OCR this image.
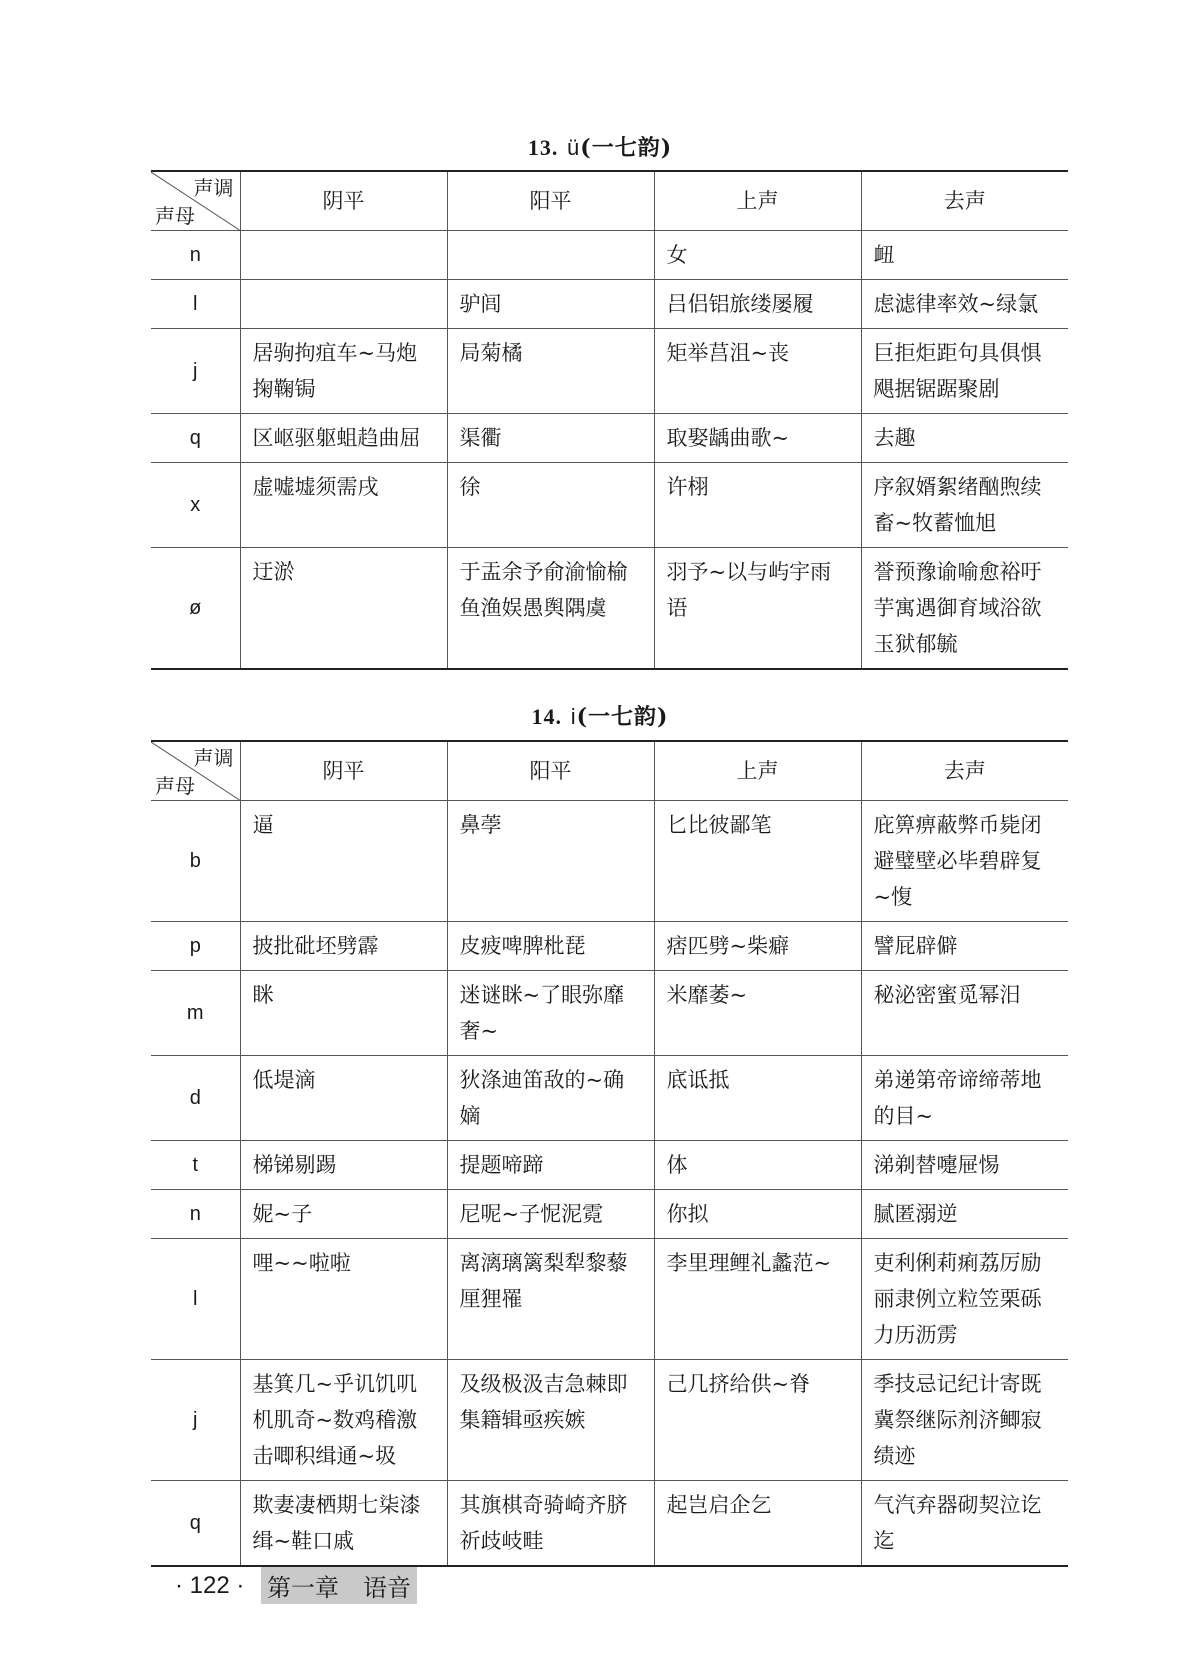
13. ü(一七韵)
声调
声母	阴平	阳平	上声	去声
n			女	衄
l		驴闾	吕侣铝旅缕屡履	虑滤律率效~绿氯
j	居驹拘疽车~马炮掬鞠锔	局菊橘	矩举莒沮~丧	巨拒炬距句具俱惧飓据锯踞聚剧
q	区岖驱躯蛆趋曲屈	渠衢	取娶龋曲歌~	去趣
x	虚嘘墟须需戌	徐	许栩	序叙婿絮绪酗煦续畜~牧蓄恤旭
ø	迂淤	于盂余予俞渝愉榆鱼渔娱愚舆隅虞	羽予~以与屿宇雨语	誉预豫谕喻愈裕吁芋寓遇御育域浴欲玉狱郁毓
14. i(一七韵)
声调
声母	阴平	阳平	上声	去声
b	逼	鼻荸	匕比彼鄙笔	庇箅痹蔽弊币毙闭避璧壁必毕碧辟复~愎
p	披批砒坯劈霹	皮疲啤脾枇琵	痞匹劈~柴癖	譬屁辟僻
m	眯	迷谜眯~了眼弥靡奢~	米靡萎~	秘泌密蜜觅幂汨
d	低堤滴	狄涤迪笛敌的~确嫡	底诋抵	弟递第帝谛缔蒂地的目~
t	梯锑剔踢	提题啼蹄	体	涕剃替嚏屉惕
n	妮~子	尼呢~子怩泥霓	你拟	腻匿溺逆
l	哩~~啦啦	离漓璃篱梨犁黎藜厘狸罹	李里理鲤礼蠡范~	吏利俐莉痢荔厉励丽隶例立粒笠栗砾力历沥雳
j	基箕几~乎讥饥叽机肌奇~数鸡稽激击唧积缉通~圾	及级极汲吉急棘即集籍辑亟疾嫉	己几挤给供~脊	季技忌记纪计寄既冀祭继际剂济鲫寂绩迹
q	欺妻凄栖期七柒漆缉~鞋口戚	其旗棋奇骑崎齐脐祈歧岐畦	起岂启企乞	气汽弃器砌契泣讫迄
· 122 · 第一章　语音
